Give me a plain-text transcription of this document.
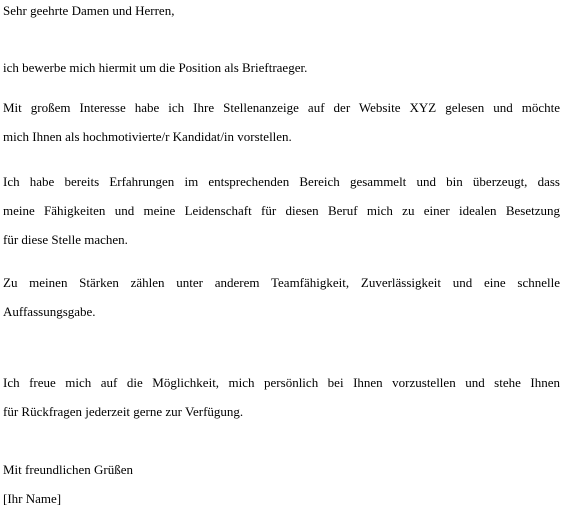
Sehr geehrte Damen und Herren,
ich bewerbe mich hiermit um die Position als Brieftraeger.
Mit großem Interesse habe ich Ihre Stellenanzeige auf der Website XYZ gelesen und möchte
mich Ihnen als hochmotivierte/r Kandidat/in vorstellen.
Ich habe bereits Erfahrungen im entsprechenden Bereich gesammelt und bin überzeugt, dass
meine Fähigkeiten und meine Leidenschaft für diesen Beruf mich zu einer idealen Besetzung
für diese Stelle machen.
Zu meinen Stärken zählen unter anderem Teamfähigkeit, Zuverlässigkeit und eine schnelle
Auffassungsgabe.
Ich freue mich auf die Möglichkeit, mich persönlich bei Ihnen vorzustellen und stehe Ihnen
für Rückfragen jederzeit gerne zur Verfügung.
Mit freundlichen Grüßen
[Ihr Name]
